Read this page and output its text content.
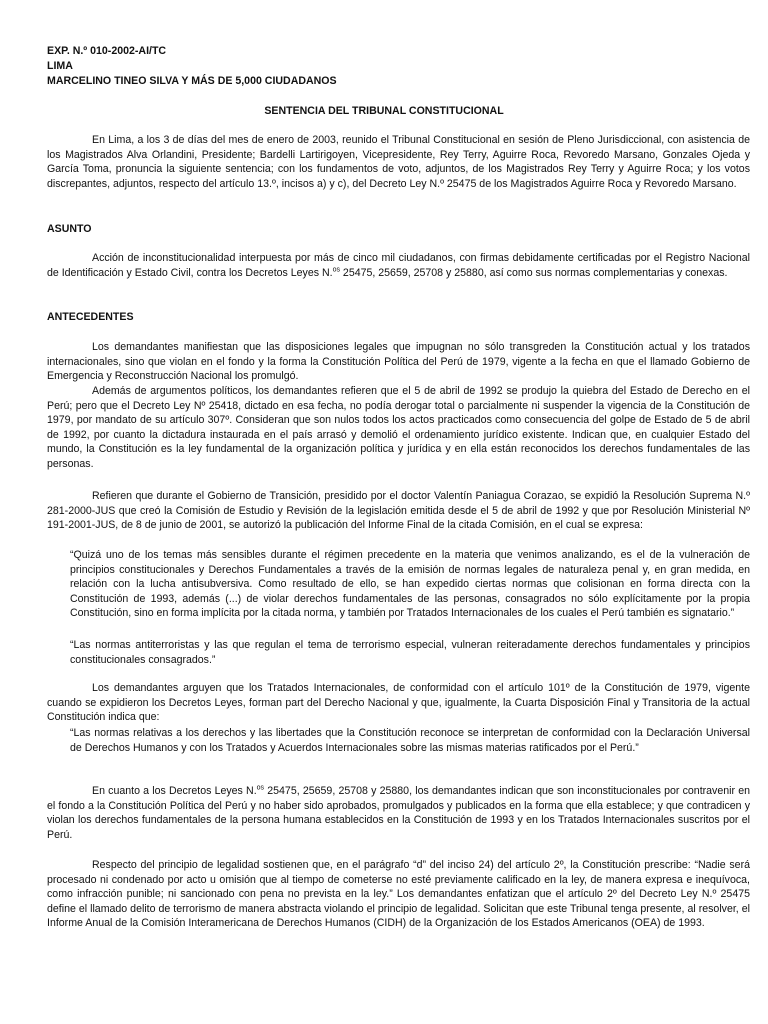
EXP. N.º 010-2002-AI/TC
LIMA
MARCELINO TINEO SILVA Y MÁS DE 5,000 CIUDADANOS
SENTENCIA DEL TRIBUNAL CONSTITUCIONAL

En Lima, a los 3 de días del mes de enero de 2003, reunido el Tribunal Constitucional en sesión de Pleno Jurisdiccional, con asistencia de los Magistrados Alva Orlandini, Presidente; Bardelli Lartirigoyen, Vicepresidente, Rey Terry, Aguirre Roca, Revoredo Marsano, Gonzales Ojeda y García Toma, pronuncia la siguiente sentencia; con los fundamentos de voto, adjuntos, de los Magistrados Rey Terry y Aguirre Roca; y los votos discrepantes, adjuntos, respecto del artículo 13.º, incisos a) y c), del Decreto Ley N.º 25475 de los Magistrados Aguirre Roca y Revoredo Marsano.

ASUNTO

Acción de inconstitucionalidad interpuesta por más de cinco mil ciudadanos, con firmas debidamente certificadas por el Registro Nacional de Identificación y Estado Civil, contra los Decretos Leyes N.$^{os}$ 25475, 25659, 25708 y 25880, así como sus normas complementarias y conexas.

ANTECEDENTES

Los demandantes manifiestan que las disposiciones legales que impugnan no sólo transgreden la Constitución actual y los tratados internacionales, sino que violan en el fondo y la forma la Constitución Política del Perú de 1979, vigente a la fecha en que el llamado Gobierno de Emergencia y Reconstrucción Nacional los promulgó.

Además de argumentos políticos, los demandantes refieren que el 5 de abril de 1992 se produjo la quiebra del Estado de Derecho en el Perú; pero que el Decreto Ley Nº 25418, dictado en esa fecha, no podía derogar total o parcialmente ni suspender la vigencia de la Constitución de 1979, por mandato de su artículo 307º. Consideran que son nulos todos los actos practicados como consecuencia del golpe de Estado de 5 de abril de 1992, por cuanto la dictadura instaurada en el país arrasó y demolió el ordenamiento jurídico existente. Indican que, en cualquier Estado del mundo, la Constitución es la ley fundamental de la organización política y jurídica y en ella están reconocidos los derechos fundamentales de las personas.

Refieren que durante el Gobierno de Transición, presidido por el doctor Valentín Paniagua Corazao, se expidió la Resolución Suprema N.º 281-2000-JUS que creó la Comisión de Estudio y Revisión de la legislación emitida desde el 5 de abril de 1992 y que por Resolución Ministerial Nº 191-2001-JUS, de 8 de junio de 2001, se autorizó la publicación del Informe Final de la citada Comisión, en el cual se expresa:

“Quizá uno de los temas más sensibles durante el régimen precedente en la materia que venimos analizando, es el de la vulneración de principios constitucionales y Derechos Fundamentales a través de la emisión de normas legales de naturaleza penal y, en gran medida, en relación con la lucha antisubversiva. Como resultado de ello, se han expedido ciertas normas que colisionan en forma directa con la Constitución de 1993, además (...) de violar derechos fundamentales de las personas, consagrados no sólo explícitamente por la propia Constitución, sino en forma implícita por la citada norma, y también por Tratados Internacionales de los cuales el Perú también es signatario.”

“Las normas antiterroristas y las que regulan el tema de terrorismo especial, vulneran reiteradamente derechos fundamentales y principios constitucionales consagrados.”

Los demandantes arguyen que los Tratados Internacionales, de conformidad con el artículo 101º de la Constitución de 1979, vigente cuando se expidieron los Decretos Leyes, forman part del Derecho Nacional y que, igualmente, la Cuarta Disposición Final y Transitoria de la actual Constitución indica que:

“Las normas relativas a los derechos y las libertades que la Constitución reconoce se interpretan de conformidad con la Declaración Universal de Derechos Humanos y con los Tratados y Acuerdos Internacionales sobre las mismas materias ratificados por el Perú.”

En cuanto a los Decretos Leyes N.$^{os}$ 25475, 25659, 25708 y 25880, los demandantes indican que son inconstitucionales por contravenir en el fondo a la Constitución Política del Perú y no haber sido aprobados, promulgados y publicados en la forma que ella establece; y que contradicen y violan los derechos fundamentales de la persona humana establecidos en la Constitución de 1993 y en los Tratados Internacionales suscritos por el Perú.

Respecto del principio de legalidad sostienen que, en el parágrafo “d” del inciso 24) del artículo 2º, la Constitución prescribe: “Nadie será procesado ni condenado por acto u omisión que al tiempo de cometerse no esté previamente calificado en la ley, de manera expresa e inequívoca, como infracción punible; ni sancionado con pena no prevista en la ley.” Los demandantes enfatizan que el artículo 2º del Decreto Ley N.º 25475 define el llamado delito de terrorismo de manera abstracta violando el principio de legalidad. Solicitan que este Tribunal tenga presente, al resolver, el Informe Anual de la Comisión Interamericana de Derechos Humanos (CIDH) de la Organización de los Estados Americanos (OEA) de 1993.
